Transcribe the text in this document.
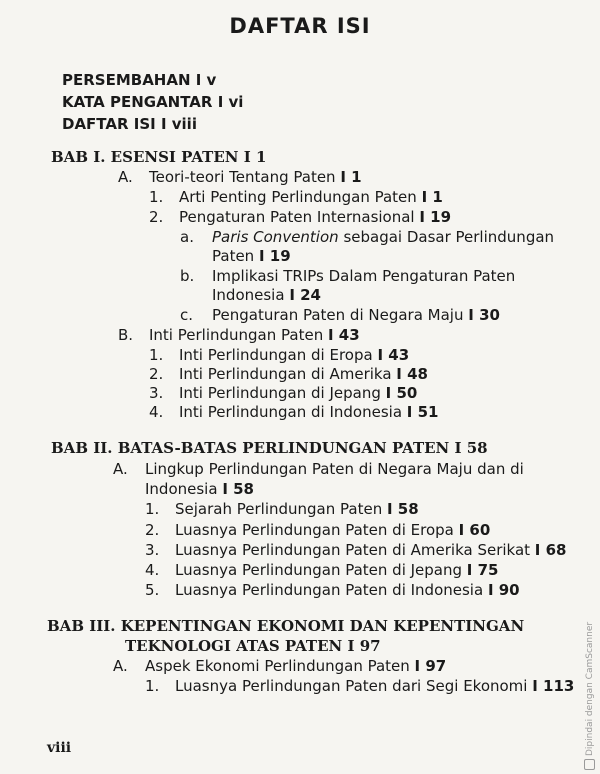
DAFTAR ISI
PERSEMBAHAN I v
KATA PENGANTAR I vi
DAFTAR ISI I viii
BAB I. ESENSI PATEN I 1
A. Teori-teori Tentang Paten I 1
1. Arti Penting Perlindungan Paten I 1
2. Pengaturan Paten Internasional I 19
a. Paris Convention sebagai Dasar Perlindungan
Paten I 19
b. Implikasi TRIPs Dalam Pengaturan Paten
Indonesia I 24
c. Pengaturan Paten di Negara Maju I 30
B. Inti Perlindungan Paten I 43
1. Inti Perlindungan di Eropa I 43
2. Inti Perlindungan di Amerika I 48
3. Inti Perlindungan di Jepang I 50
4. Inti Perlindungan di Indonesia I 51
BAB II. BATAS-BATAS PERLINDUNGAN PATEN I 58
A. Lingkup Perlindungan Paten di Negara Maju dan di
Indonesia I 58
1. Sejarah Perlindungan Paten I 58
2. Luasnya Perlindungan Paten di Eropa I 60
3. Luasnya Perlindungan Paten di Amerika Serikat I 68
4. Luasnya Perlindungan Paten di Jepang I 75
5. Luasnya Perlindungan Paten di Indonesia I 90
BAB III. KEPENTINGAN EKONOMI DAN KEPENTINGAN
TEKNOLOGI ATAS PATEN I 97
A. Aspek Ekonomi Perlindungan Paten I 97
1. Luasnya Perlindungan Paten dari Segi Ekonomi I 113
viii	Dipindai dengan CamScanner
